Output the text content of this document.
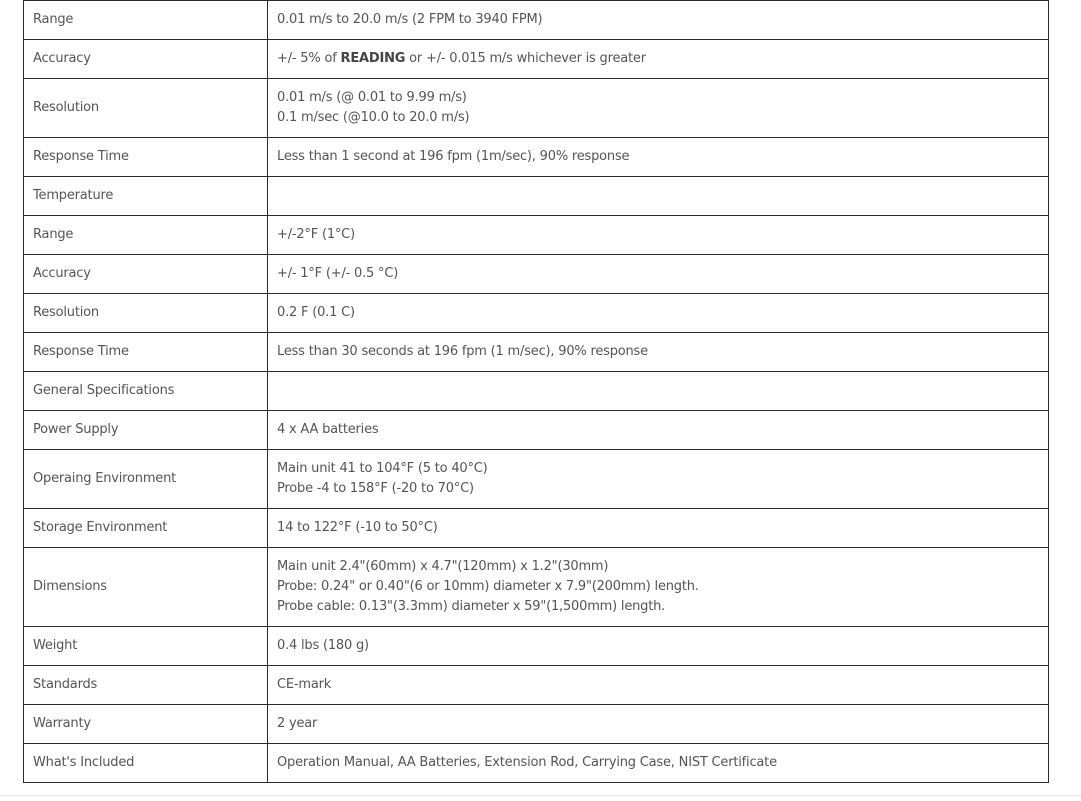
Range	0.01 m/s to 20.0 m/s (2 FPM to 3940 FPM)

Accuracy	+/- 5% of READING or +/- 0.015 m/s whichever is greater
Resolution	0.01 m/s (@ 0.01 to 9.99 m/s)
0.1 m/sec (@10.0 to 20.0 m/s)

Response Time	Less than 1 second at 196 fpm (1m/sec), 90% response

Temperature	
Range	+/-2°F (1°C)

Accuracy	+/- 1°F (+/- 0.5 °C)

Resolution	0.2 F (0.1 C)

Response Time	Less than 30 seconds at 196 fpm (1 m/sec), 90% response

General Specifications	
Power Supply	4 x AA batteries

Operaing Environment	Main unit 41 to 104°F (5 to 40°C)
Probe -4 to 158°F (-20 to 70°C)

Storage Environment	14 to 122°F (-10 to 50°C)

Dimensions	Main unit 2.4"(60mm) x 4.7"(120mm) x 1.2"(30mm)
Probe: 0.24" or 0.40"(6 or 10mm) diameter x 7.9"(200mm) length.
Probe cable: 0.13"(3.3mm) diameter x 59"(1,500mm) length.

Weight	0.4 lbs (180 g)

Standards	CE-mark

Warranty	2 year

What's Included	Operation Manual, AA Batteries, Extension Rod, Carrying Case, NIST Certificate
